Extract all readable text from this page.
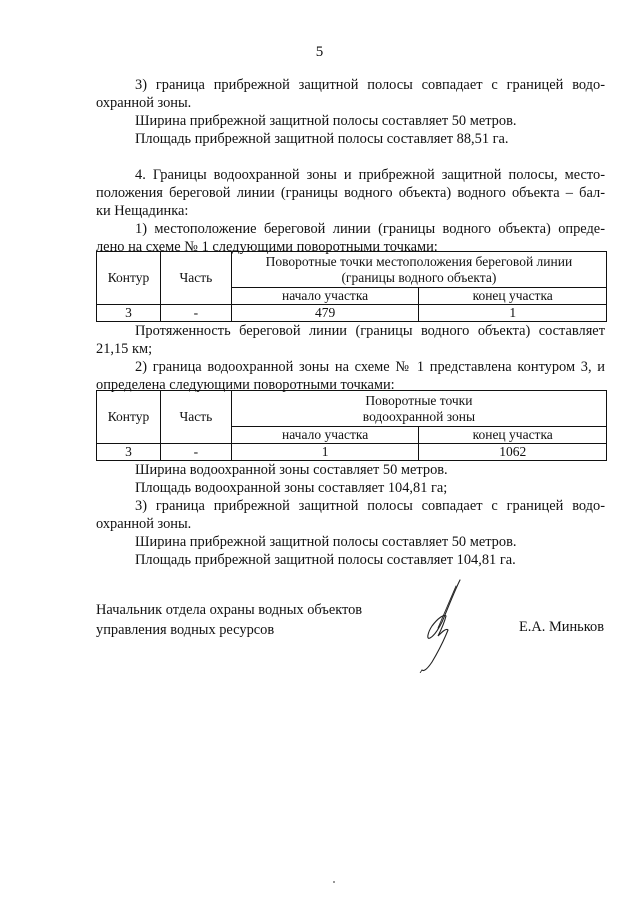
5
3) граница прибрежной защитной полосы совпадает с границей водо-
охранной зоны.
Ширина прибрежной защитной полосы составляет 50 метров.
Площадь прибрежной защитной полосы составляет 88,51 га.
4. Границы водоохранной зоны и прибрежной защитной полосы, место-
положения береговой линии (границы водного объекта) водного объекта – бал-
ки Нещадинка:
1) местоположение береговой линии (границы водного объекта) опреде-
лено на схеме № 1 следующими поворотными точками:
Контур	Часть	Поворотные точки местоположения береговой линии
(границы водного объекта)	

		начало участка	конец участка
3	-	479	1
Протяженность береговой линии (границы водного объекта) составляет
21,15 км;
2) граница водоохранной зоны на схеме № 1 представлена контуром 3, и
определена следующими поворотными точками:
Контур	Часть	Поворотные точки
водоохранной зоны	

		начало участка	конец участка
3	-	1	1062
Ширина водоохранной зоны составляет 50 метров.
Площадь водоохранной зоны составляет 104,81 га;
3) граница прибрежной защитной полосы совпадает с границей водо-
охранной зоны.
Ширина прибрежной защитной полосы составляет 50 метров.
Площадь прибрежной защитной полосы составляет 104,81 га.
Начальник отдела охраны водных объектов
управления водных ресурсов	Е.А. Миньков
